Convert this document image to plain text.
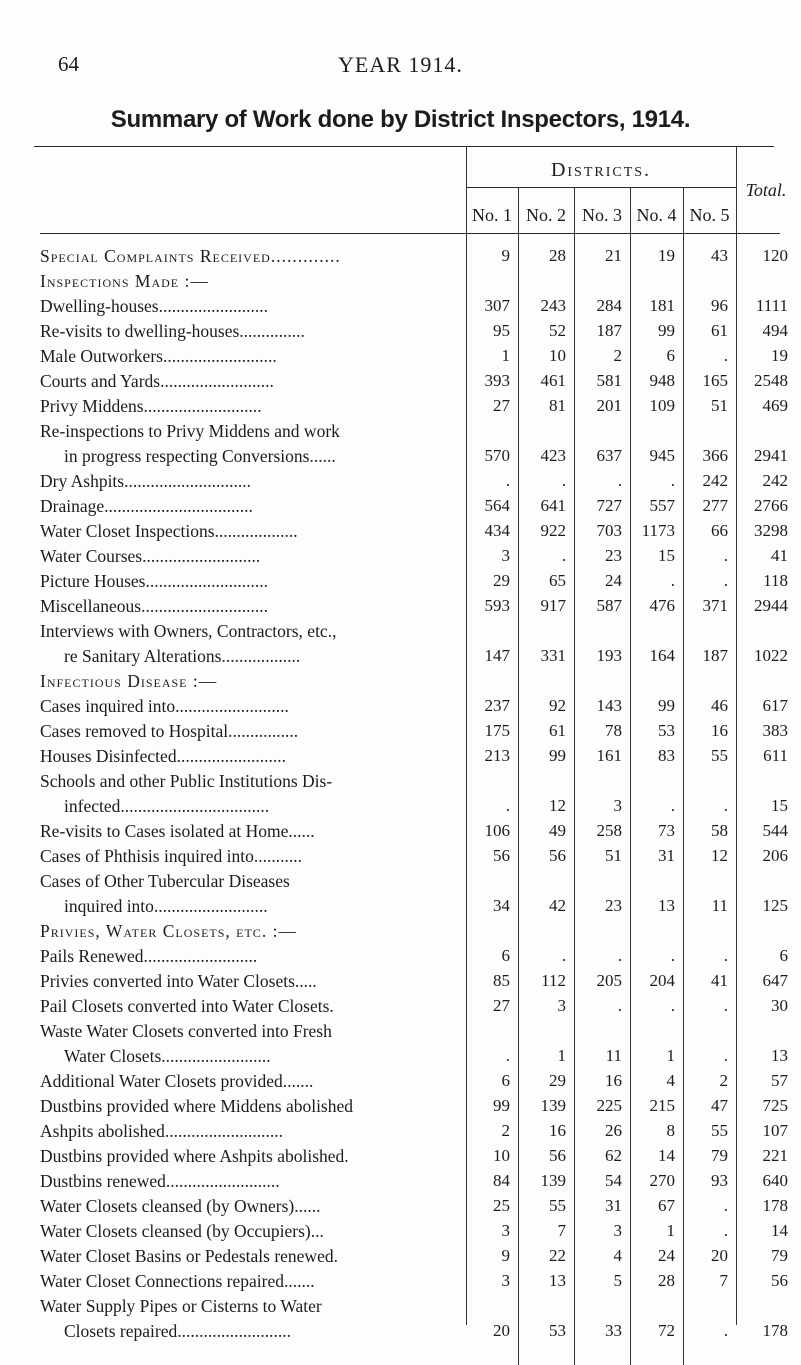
64	YEAR 1914.
Summary of Work done by District Inspectors, 1914.
Districts.
No. 1 No. 2 No. 3 No. 4 No. 5
Total.
Special Complaints Received.............	9	28	21	19	43	120
Inspections Made :—
Dwelling-houses.........................	307	243	284	181	96	1111
Re-visits to dwelling-houses...............	95	52	187	99	61	494
Male Outworkers..........................	1	10	2	6	.	19
Courts and Yards..........................	393	461	581	948	165	2548
Privy Middens...........................	27	81	201	109	51	469
Re-inspections to Privy Middens and work
in progress respecting Conversions......	570	423	637	945	366	2941
Dry Ashpits.............................	.	.	.	.	242	242
Drainage..................................	564	641	727	557	277	2766
Water Closet Inspections...................	434	922	703	1173	66	3298
Water Courses...........................	3	.	23	15	.	41
Picture Houses............................	29	65	24	.	.	118
Miscellaneous.............................	593	917	587	476	371	2944
Interviews with Owners, Contractors, etc.,
re Sanitary Alterations..................	147	331	193	164	187	1022
Infectious Disease :—
Cases inquired into..........................	237	92	143	99	46	617
Cases removed to Hospital................	175	61	78	53	16	383
Houses Disinfected.........................	213	99	161	83	55	611
Schools and other Public Institutions Dis-
infected..................................	.	12	3	.	.	15
Re-visits to Cases isolated at Home......	106	49	258	73	58	544
Cases of Phthisis inquired into...........	56	56	51	31	12	206
Cases of Other Tubercular Diseases
inquired into..........................	34	42	23	13	11	125
Privies, Water Closets, etc. :—
Pails Renewed..........................	6	.	.	.	.	6
Privies converted into Water Closets.....	85	112	205	204	41	647
Pail Closets converted into Water Closets.	27	3	.	.	.	30
Waste Water Closets converted into Fresh
Water Closets.........................	.	1	11	1	.	13
Additional Water Closets provided.......	6	29	16	4	2	57
Dustbins provided where Middens abolished	99	139	225	215	47	725
Ashpits abolished...........................	2	16	26	8	55	107
Dustbins provided where Ashpits abolished.	10	56	62	14	79	221
Dustbins renewed..........................	84	139	54	270	93	640
Water Closets cleansed (by Owners)......	25	55	31	67	.	178
Water Closets cleansed (by Occupiers)...	3	7	3	1	.	14
Water Closet Basins or Pedestals renewed.	9	22	4	24	20	79
Water Closet Connections repaired.......	3	13	5	28	7	56
Water Supply Pipes or Cisterns to Water
Closets repaired..........................	20	53	33	72	.	178
